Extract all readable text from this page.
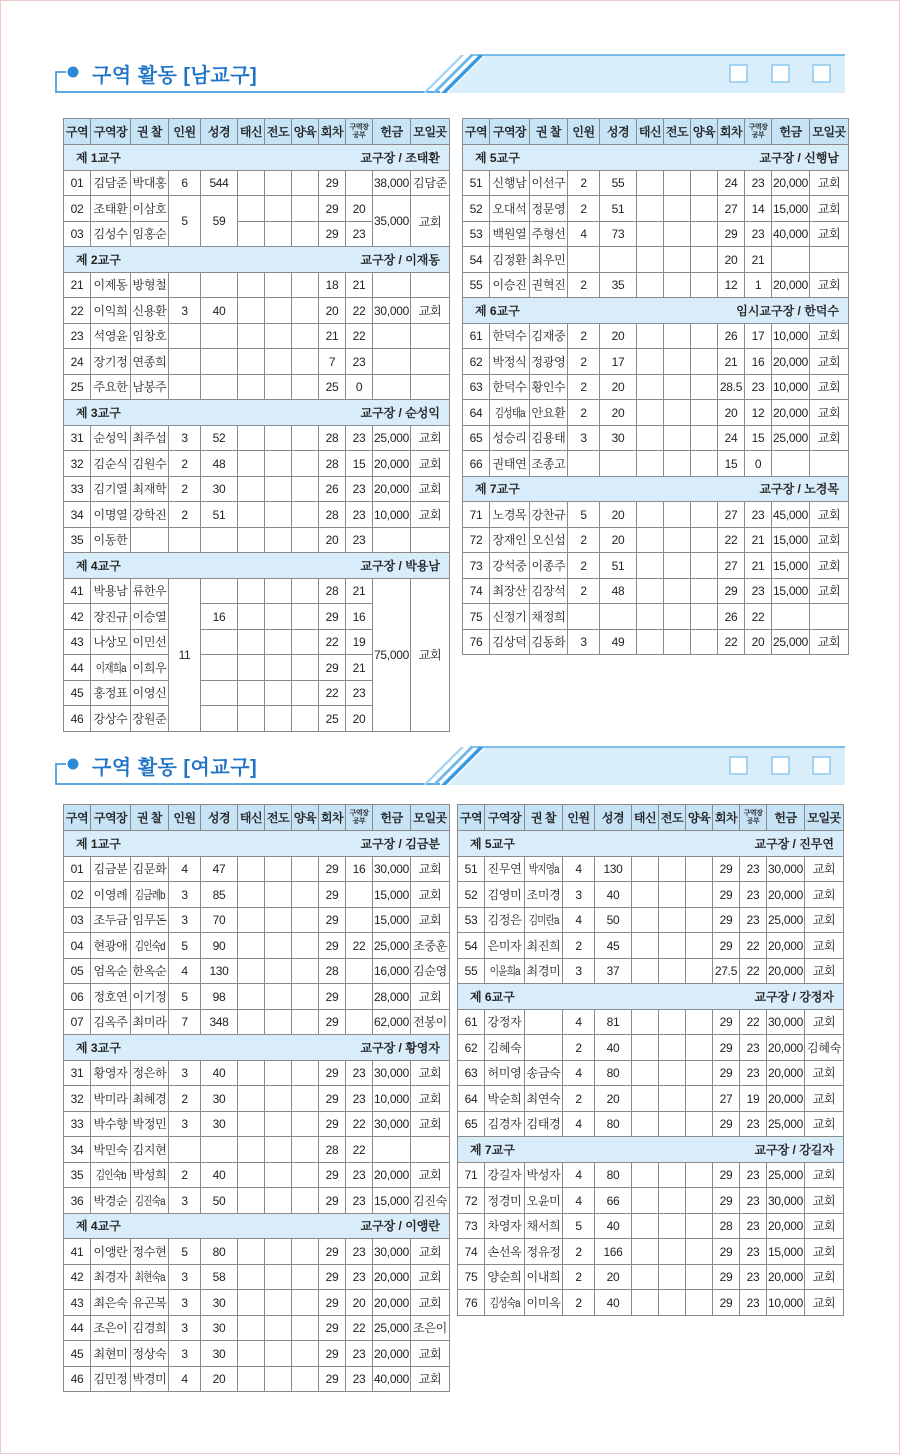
구역 활동 [남교구]
구역	구역장	권 찰	인원	성경	태신	전도	양육	회차	구역장
공부	헌금	모일곳

제 1교구 교구장 / 조태환											

01	김담준	박대홍	6	544				29		38,000	김담준
02	조태환	이삼호	5	59				29	20	35,000	교회
03	김성수	임홍순						29	23		

제 2교구 교구장 / 이재동											

21	이제동	방형철						18	21		
22	이익희	신용환	3	40				20	22	30,000	교회
23	석영윤	임창호						21	22		
24	장기정	연종희						7	23		
25	주요한	남봉주						25	0		

제 3교구 교구장 / 순성익											

31	순성익	최주섭	3	52				28	23	25,000	교회
32	김순식	김원수	2	48				28	15	20,000	교회
33	김기열	최재학	2	30				26	23	20,000	교회
34	이명열	강학진	2	51				28	23	10,000	교회
35	이동한							20	23		

제 4교구 교구장 / 박용남											

41	박용남	류한우	11					28	21	75,000	교회
42	장진규	이승열		16				29	16		
43	나상모	이민선						22	19		
44	이재희a	이희우						29	21		
45	홍정표	이영신						22	23		
46	강상수	장원준						25	20		
구역	구역장	권 찰	인원	성경	태신	전도	양육	회차	구역장
공부	헌금	모일곳

제 5교구 교구장 / 신행남											

51	신행남	이선구	2	55				24	23	20,000	교회
52	오대석	정문영	2	51				27	14	15,000	교회
53	백원열	주형선	4	73				29	23	40,000	교회
54	김정환	최우민						20	21		
55	이승진	권혁진	2	35				12	1	20,000	교회

제 6교구 임시교구장 / 한덕수											

61	한덕수	김재중	2	20				26	17	10,000	교회
62	박정식	정광영	2	17				21	16	20,000	교회
63	한덕수	황인수	2	20				28.5	23	10,000	교회
64	김성태a	안요환	2	20				20	12	20,000	교회
65	성승리	김용태	3	30				24	15	25,000	교회
66	권태연	조종고						15	0		

제 7교구 교구장 / 노경목											

71	노경목	강찬규	5	20				27	23	45,000	교회
72	장재인	오신섭	2	20				22	21	15,000	교회
73	강석중	이종주	2	51				27	21	15,000	교회
74	최장산	김장석	2	48				29	23	15,000	교회
75	신정기	채정희						26	22		
76	김상덕	김동화	3	49				22	20	25,000	교회
구역 활동 [여교구]
구역	구역장	권 찰	인원	성경	태신	전도	양육	회차	구역장
공부	헌금	모일곳

제 1교구 교구장 / 김금분											

01	김금분	김문화	4	47				29	16	30,000	교회
02	이영례	김금례b	3	85				29		15,000	교회
03	조두금	임무돈	3	70				29		15,000	교회
04	현광애	김인숙d	5	90				29	22	25,000	조중훈
05	엄옥순	한옥순	4	130				28		16,000	김순영
06	정호연	이기정	5	98				29		28,000	교회
07	김옥주	최미라	7	348				29		62,000	전봉이

제 3교구 교구장 / 황영자											

31	황영자	정은하	3	40				29	23	30,000	교회
32	박미라	최혜경	2	30				29	23	10,000	교회
33	박수향	박정민	3	30				29	22	30,000	교회
34	박민숙	김지현						28	22		
35	김인숙b	박성희	2	40				29	23	20,000	교회
36	박경순	김진숙a	3	50				29	23	15,000	김진숙

제 4교구 교구장 / 이앵란											

41	이앵란	정수현	5	80				29	23	30,000	교회
42	최경자	최현숙a	3	58				29	23	20,000	교회
43	최은숙	유곤복	3	30				29	20	20,000	교회
44	조은이	김경희	3	30				29	22	25,000	조은이
45	최현미	정상숙	3	30				29	23	20,000	교회
46	김민정	박경미	4	20				29	23	40,000	교회
구역	구역장	권 찰	인원	성경	태신	전도	양육	회차	구역장
공부	헌금	모일곳

제 5교구 교구장 / 진무연											

51	진무연	박지영a	4	130				29	23	30,000	교회
52	김영미	조미경	3	40				29	23	20,000	교회
53	김정은	김미란a	4	50				29	23	25,000	교회
54	은미자	최진희	2	45				29	22	20,000	교회
55	이윤희a	최경미	3	37				27.5	22	20,000	교회

제 6교구 교구장 / 강정자											

61	강정자		4	81				29	22	30,000	교회
62	김혜숙		2	40				29	23	20,000	김혜숙
63	허미영	송금숙	4	80				29	23	20,000	교회
64	박순희	최연숙	2	20				27	19	20,000	교회
65	김경자	김태경	4	80				29	23	25,000	교회

제 7교구 교구장 / 강길자											

71	강길자	박성자	4	80				29	23	25,000	교회
72	정경미	오윤미	4	66				29	23	30,000	교회
73	차영자	채서희	5	40				28	23	20,000	교회
74	손선옥	정유정	2	166				29	23	15,000	교회
75	양순희	이내희	2	20				29	23	20,000	교회
76	김성숙a	이미옥	2	40				29	23	10,000	교회
